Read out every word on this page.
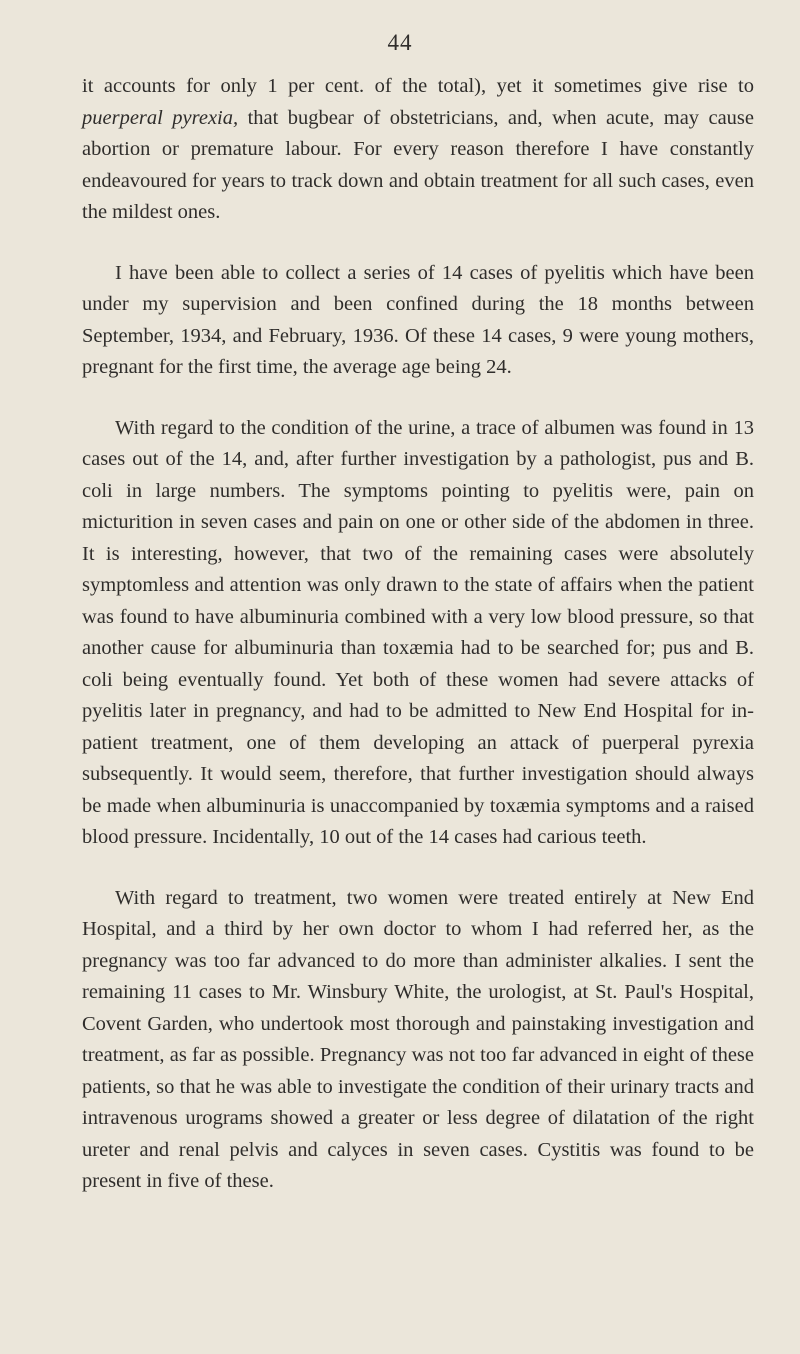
44

it accounts for only 1 per cent. of the total), yet it sometimes give rise to puerperal pyrexia, that bugbear of obstetricians, and, when acute, may cause abortion or premature labour. For every reason therefore I have constantly endeavoured for years to track down and obtain treatment for all such cases, even the mildest ones.

I have been able to collect a series of 14 cases of pyelitis which have been under my supervision and been confined during the 18 months between September, 1934, and February, 1936. Of these 14 cases, 9 were young mothers, pregnant for the first time, the average age being 24.

With regard to the condition of the urine, a trace of albumen was found in 13 cases out of the 14, and, after further investigation by a pathologist, pus and B. coli in large numbers. The symptoms pointing to pyelitis were, pain on micturition in seven cases and pain on one or other side of the abdomen in three. It is interesting, however, that two of the remaining cases were absolutely symptomless and attention was only drawn to the state of affairs when the patient was found to have albuminuria combined with a very low blood pressure, so that another cause for albuminuria than toxæmia had to be searched for; pus and B. coli being eventually found. Yet both of these women had severe attacks of pyelitis later in pregnancy, and had to be admitted to New End Hospital for in-patient treatment, one of them developing an attack of puerperal pyrexia subsequently. It would seem, therefore, that further investigation should always be made when albuminuria is unaccompanied by toxæmia symptoms and a raised blood pressure. Incidentally, 10 out of the 14 cases had carious teeth.

With regard to treatment, two women were treated entirely at New End Hospital, and a third by her own doctor to whom I had referred her, as the pregnancy was too far advanced to do more than administer alkalies. I sent the remaining 11 cases to Mr. Winsbury White, the urologist, at St. Paul's Hospital, Covent Garden, who undertook most thorough and painstaking investigation and treatment, as far as possible. Pregnancy was not too far advanced in eight of these patients, so that he was able to investigate the condition of their urinary tracts and intravenous urograms showed a greater or less degree of dilatation of the right ureter and renal pelvis and calyces in seven cases. Cystitis was found to be present in five of these.
